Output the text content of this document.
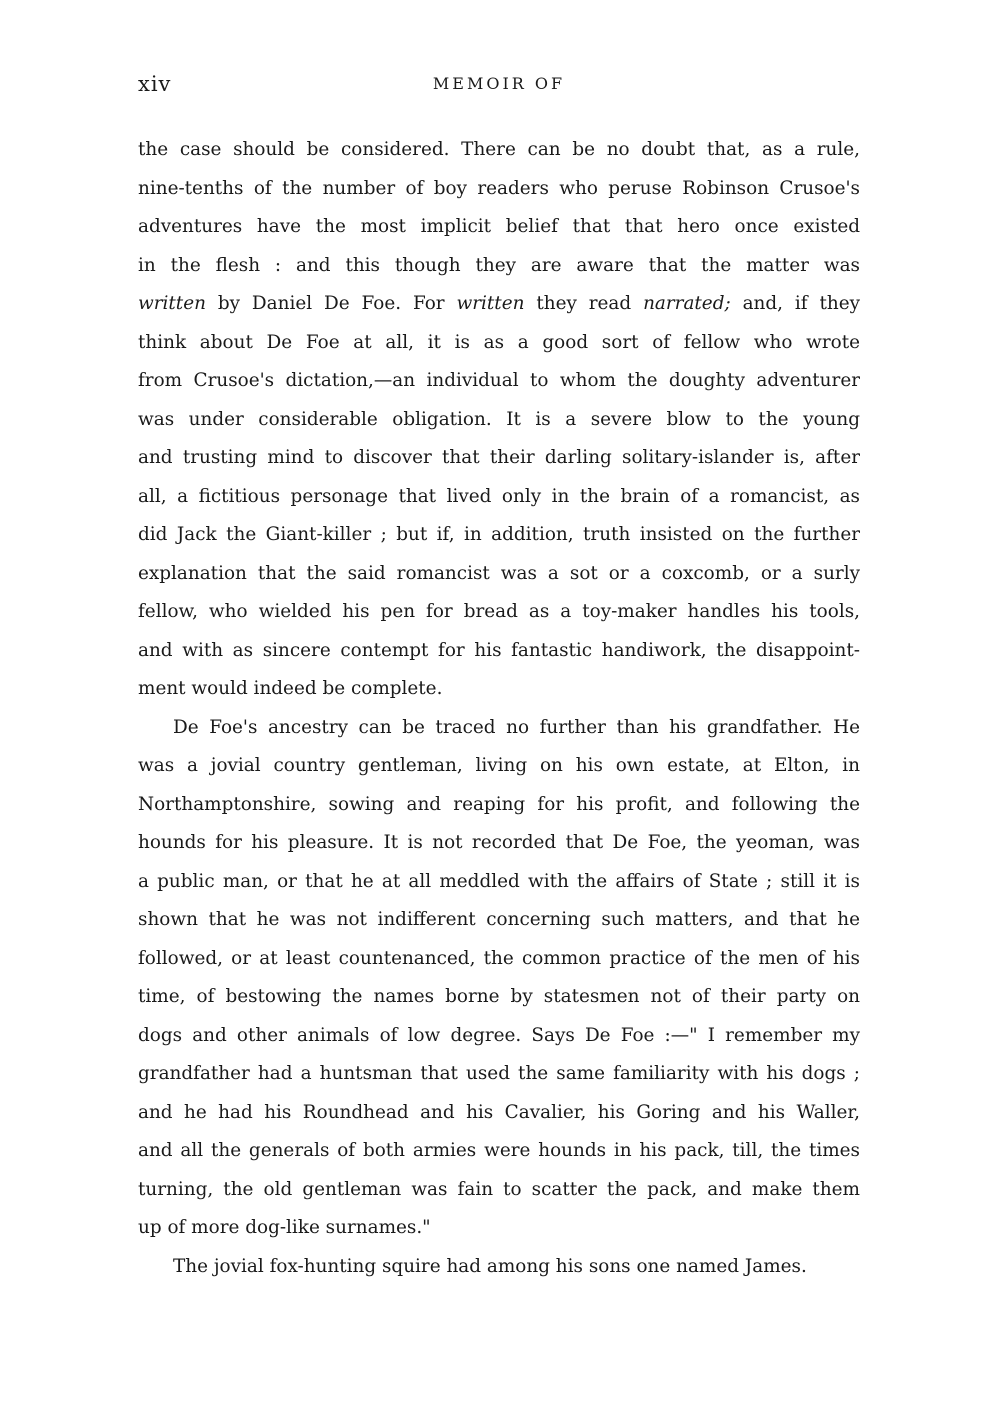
xiv	MEMOIR OF
the case should be considered. There can be no doubt that, as a rule,
nine-tenths of the number of boy readers who peruse Robinson Crusoe's
adventures have the most implicit belief that that hero once existed
in the flesh : and this though they are aware that the matter was
written by Daniel De Foe. For written they read narrated; and, if they
think about De Foe at all, it is as a good sort of fellow who wrote
from Crusoe's dictation,—an individual to whom the doughty adventurer
was under considerable obligation. It is a severe blow to the young
and trusting mind to discover that their darling solitary-islander is, after
all, a fictitious personage that lived only in the brain of a romancist, as
did Jack the Giant-killer ; but if, in addition, truth insisted on the further
explanation that the said romancist was a sot or a coxcomb, or a surly
fellow, who wielded his pen for bread as a toy-maker handles his tools,
and with as sincere contempt for his fantastic handiwork, the disappoint-
ment would indeed be complete.
De Foe's ancestry can be traced no further than his grandfather. He
was a jovial country gentleman, living on his own estate, at Elton, in
Northamptonshire, sowing and reaping for his profit, and following the
hounds for his pleasure. It is not recorded that De Foe, the yeoman, was
a public man, or that he at all meddled with the affairs of State ; still it is
shown that he was not indifferent concerning such matters, and that he
followed, or at least countenanced, the common practice of the men of his
time, of bestowing the names borne by statesmen not of their party on
dogs and other animals of low degree. Says De Foe :—" I remember my
grandfather had a huntsman that used the same familiarity with his dogs ;
and he had his Roundhead and his Cavalier, his Goring and his Waller,
and all the generals of both armies were hounds in his pack, till, the times
turning, the old gentleman was fain to scatter the pack, and make them
up of more dog-like surnames."
The jovial fox-hunting squire had among his sons one named James.
